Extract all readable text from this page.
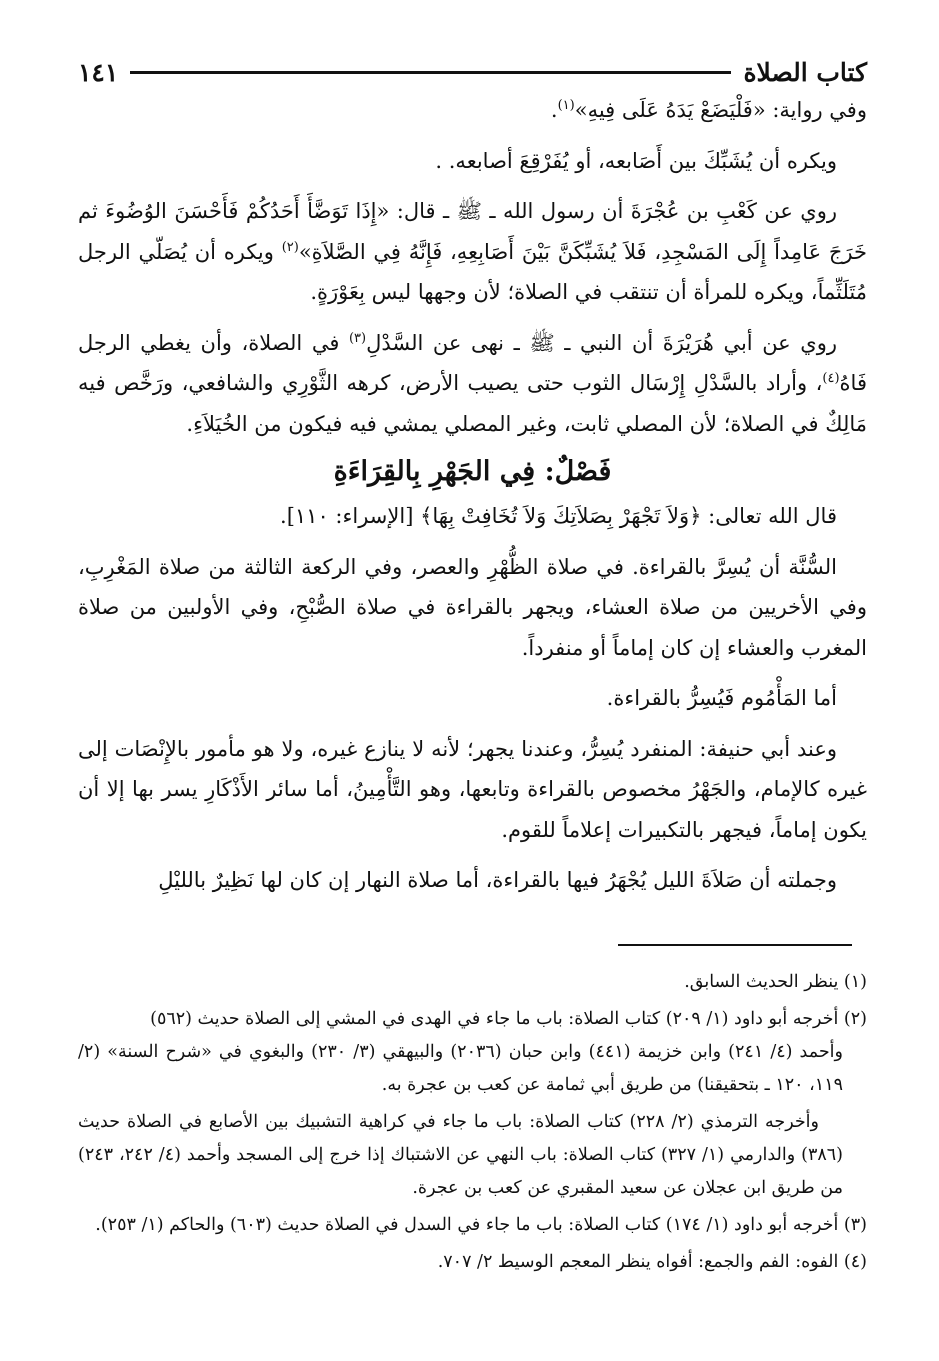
كتاب الصلاة
١٤١

وفي رواية: «فَلْيَضَعْ يَدَهُ عَلَى فِيهِ»$^{(١)}$.

ويكره أن يُشَبِّكَ بين أَصَابعه، أو يُفَرْقِعَ أصابعه. .

روي عن كَعْبِ بن عُجْرَةَ أن رسول الله ـ ﷺ ـ قال: «إِذَا تَوَضَّأَ أَحَدُكُمْ فَأَحْسَنَ الوُضُوءَ ثم خَرَجَ عَامِداً إِلَى المَسْجِدِ، فَلاَ يُشَبِّكَنَّ بَيْنَ أَصَابِعِهِ، فَإِنَّهُ فِي الصَّلاَةِ»$^{(٢)}$ ويكره أن يُصَلّي الرجل مُتَلَثِّماً، ويكره للمرأة أن تنتقب في الصلاة؛ لأن وجهها ليس بِعَوْرَةٍ.

روي عن أبي هُرَيْرَةَ أن النبي ـ ﷺ ـ نهى عن السَّدْلِ$^{(٣)}$ في الصلاة، وأن يغطي الرجل فَاهُ$^{(٤)}$، وأراد بالسَّدْلِ إِرْسَال الثوب حتى يصيب الأرض، كرهه الثَّوْرِي والشافعي، ورَخَّص فيه مَالِكٌ في الصلاة؛ لأن المصلي ثابت، وغير المصلي يمشي فيه فيكون من الخُيَلاَءِ.

فَصْلٌ: فِي الجَهْرِ بِالقِرَاءَةِ

قال الله تعالى: ﴿وَلاَ تَجْهَرْ بِصَلاَتِكَ وَلاَ تُخَافِتْ بِهَا﴾ [الإسراء: ١١٠].

السُّنَّة أن يُسِرَّ بالقراءة. في صلاة الظُّهْرِ والعصر، وفي الركعة الثالثة من صلاة المَغْرِبِ، وفي الأخريين من صلاة العشاء، ويجهر بالقراءة في صلاة الصُّبْحِ، وفي الأولبين من صلاة المغرب والعشاء إن كان إماماً أو منفرداً.

أما المَأْمُوم فَيُسِرُّ بالقراءة.

وعند أبي حنيفة: المنفرد يُسِرُّ، وعندنا يجهر؛ لأنه لا ينازع غيره، ولا هو مأمور بالإِنْصَات إلى غيره كالإمام، والجَهْرُ مخصوص بالقراءة وتابعها، وهو التَّأْمِينُ، أما سائر الأَذْكَارِ يسر بها إلا أن يكون إماماً، فيجهر بالتكبيرات إعلاماً للقوم.

وجملته أن صَلاَةَ الليل يُجْهَرُ فيها بالقراءة، أما صلاة النهار إن كان لها نَظِيرٌ بالليْلِ

(١) ينظر الحديث السابق.

(٢) أخرجه أبو داود (١/ ٢٠٩) كتاب الصلاة: باب ما جاء في الهدى في المشي إلى الصلاة حديث (٥٦٢)

وأحمد (٤/ ٢٤١) وابن خزيمة (٤٤١) وابن حبان (٢٠٣٦) والبيهقي (٣/ ٢٣٠) والبغوي في «شرح السنة» (٢/ ١١٩، ١٢٠ ـ بتحقيقنا) من طريق أبي ثمامة عن كعب بن عجرة به.

وأخرجه الترمذي (٢/ ٢٢٨) كتاب الصلاة: باب ما جاء في كراهية التشبيك بين الأصابع في الصلاة حديث (٣٨٦) والدارمي (١/ ٣٢٧) كتاب الصلاة: باب النهي عن الاشتباك إذا خرج إلى المسجد وأحمد (٤/ ٢٤٢، ٢٤٣) من طريق ابن عجلان عن سعيد المقبري عن كعب بن عجرة.

(٣) أخرجه أبو داود (١/ ١٧٤) كتاب الصلاة: باب ما جاء في السدل في الصلاة حديث (٦٠٣) والحاكم (١/ ٢٥٣).

(٤) الفوه: الفم والجمع: أفواه ينظر المعجم الوسيط ٢/ ٧٠٧.
